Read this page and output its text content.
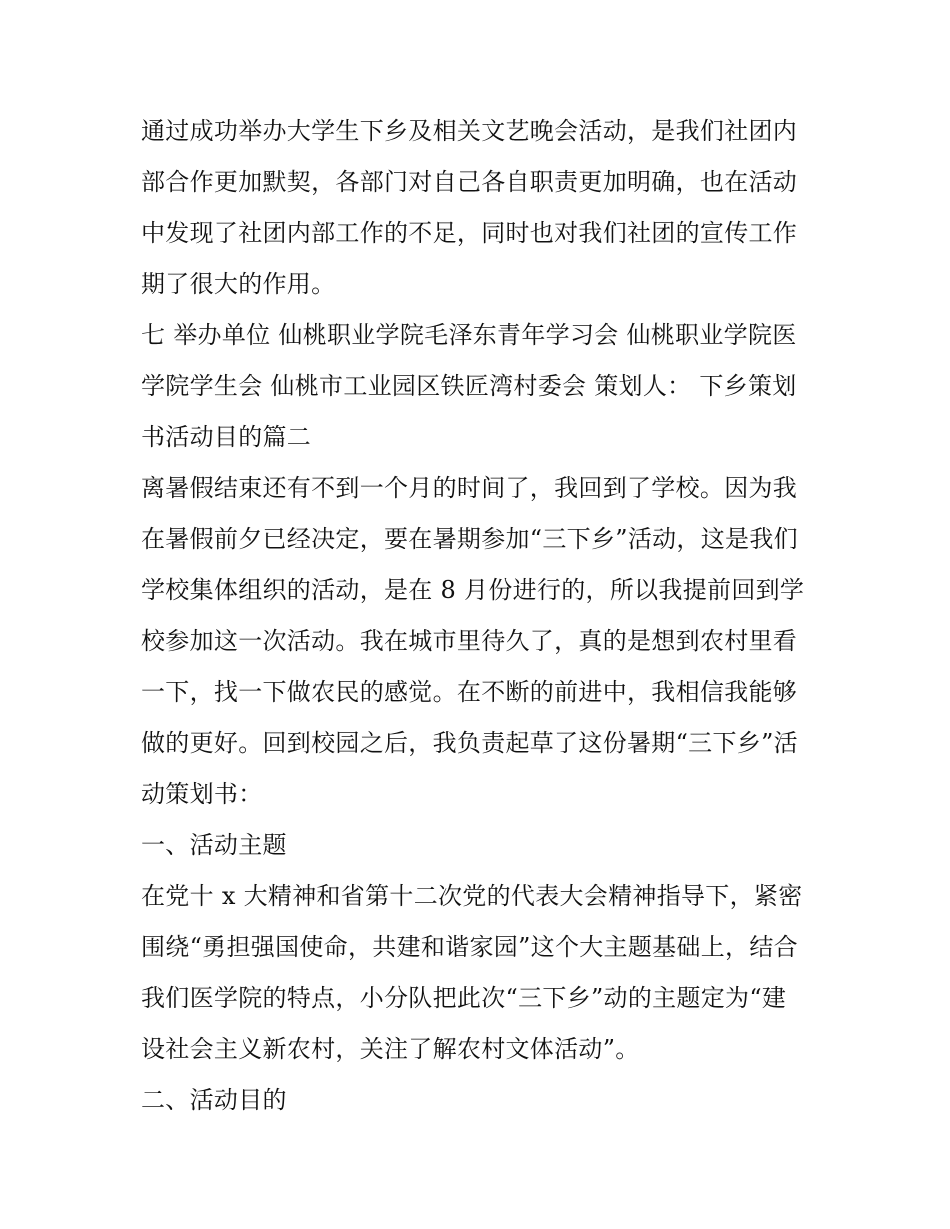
通过成功举办大学生下乡及相关文艺晚会活动，是我们社团内
部合作更加默契，各部门对自己各自职责更加明确，也在活动
中发现了社团内部工作的不足，同时也对我们社团的宣传工作
期了很大的作用。
七 举办单位 仙桃职业学院毛泽东青年学习会 仙桃职业学院医
学院学生会 仙桃市工业园区铁匠湾村委会 策划人： 下乡策划
书活动目的篇二
离暑假结束还有不到一个月的时间了，我回到了学校。因为我
在暑假前夕已经决定，要在暑期参加“三下乡”活动，这是我们
学校集体组织的活动，是在 8 月份进行的，所以我提前回到学
校参加这一次活动。我在城市里待久了，真的是想到农村里看
一下，找一下做农民的感觉。在不断的前进中，我相信我能够
做的更好。回到校园之后，我负责起草了这份暑期“三下乡”活
动策划书：
一、活动主题
在党十 x 大精神和省第十二次党的代表大会精神指导下，紧密
围绕“勇担强国使命，共建和谐家园”这个大主题基础上，结合
我们医学院的特点，小分队把此次“三下乡”动的主题定为“建
设社会主义新农村，关注了解农村文体活动”。
二、活动目的
